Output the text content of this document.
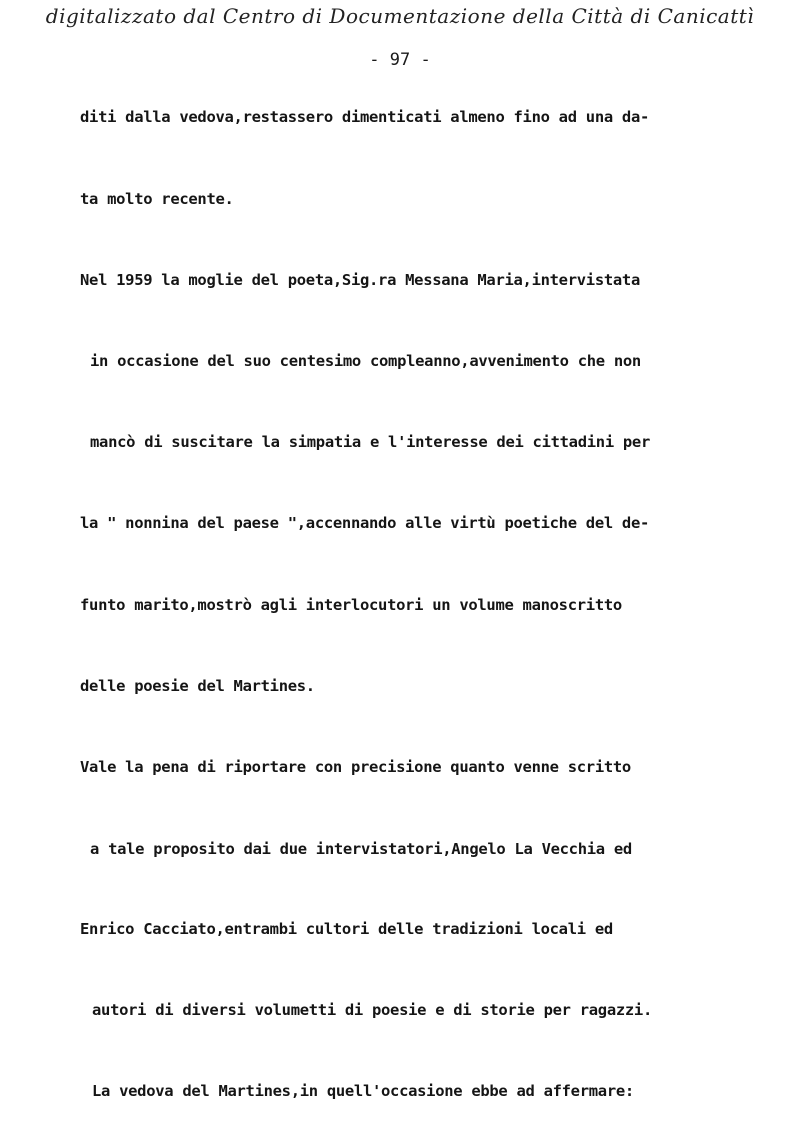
digitalizzato dal Centro di Documentazione della Città di Canicattì
- 97 -
diti dalla vedova,restassero dimenticati almeno fino ad una da-
ta molto recente.
Nel 1959 la moglie del poeta,Sig.ra Messana Maria,intervistata
in occasione del suo centesimo compleanno,avvenimento che non
mancò di suscitare la simpatia e l'interesse dei cittadini per
la " nonnina del paese ",accennando alle virtù poetiche del de-
funto marito,mostrò agli interlocutori un volume manoscritto
delle poesie del Martines.
Vale la pena di riportare con precisione quanto venne scritto
a tale proposito dai due intervistatori,Angelo La Vecchia ed
Enrico Cacciato,entrambi cultori delle tradizioni locali ed
autori di diversi volumetti di poesie e di storie per ragazzi.
La vedova del Martines,in quell'occasione ebbe ad affermare:
